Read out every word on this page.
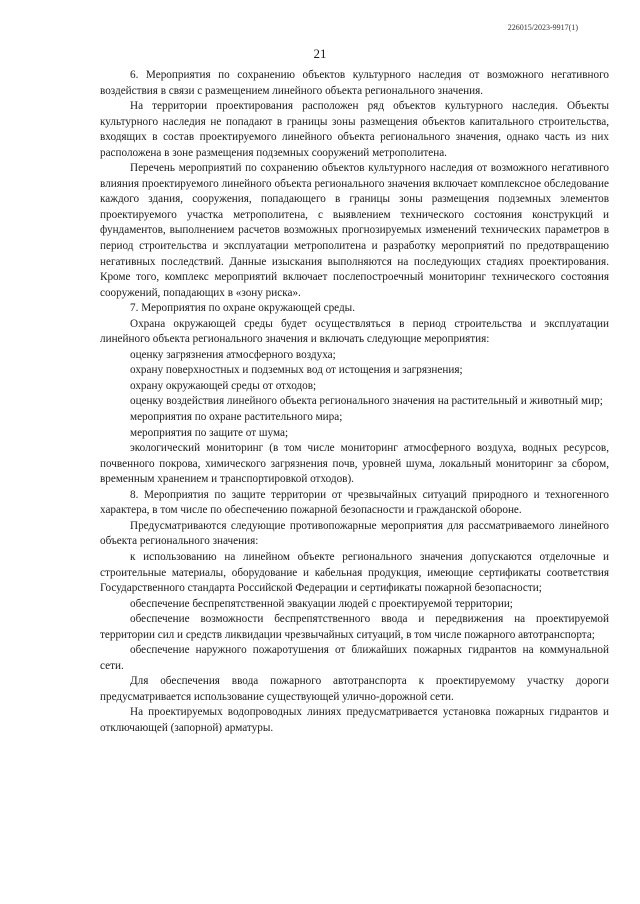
226015/2023-9917(1)
21

6. Мероприятия по сохранению объектов культурного наследия от возможного негативного воздействия в связи с размещением линейного объекта регионального значения.

На территории проектирования расположен ряд объектов культурного наследия. Объекты культурного наследия не попадают в границы зоны размещения объектов капитального строительства, входящих в состав проектируемого линейного объекта регионального значения, однако часть из них расположена в зоне размещения подземных сооружений метрополитена.

Перечень мероприятий по сохранению объектов культурного наследия от возможного негативного влияния проектируемого линейного объекта регионального значения включает комплексное обследование каждого здания, сооружения, попадающего в границы зоны размещения подземных элементов проектируемого участка метрополитена, с выявлением технического состояния конструкций и фундаментов, выполнением расчетов возможных прогнозируемых изменений технических параметров в период строительства и эксплуатации метрополитена и разработку мероприятий по предотвращению негативных последствий. Данные изыскания выполняются на последующих стадиях проектирования. Кроме того, комплекс мероприятий включает послепостроечный мониторинг технического состояния сооружений, попадающих в «зону риска».

7. Мероприятия по охране окружающей среды.

Охрана окружающей среды будет осуществляться в период строительства и эксплуатации линейного объекта регионального значения и включать следующие мероприятия:

оценку загрязнения атмосферного воздуха;

охрану поверхностных и подземных вод от истощения и загрязнения;

охрану окружающей среды от отходов;

оценку воздействия линейного объекта регионального значения на растительный и животный мир;

мероприятия по охране растительного мира;

мероприятия по защите от шума;

экологический мониторинг (в том числе мониторинг атмосферного воздуха, водных ресурсов, почвенного покрова, химического загрязнения почв, уровней шума, локальный мониторинг за сбором, временным хранением и транспортировкой отходов).

8. Мероприятия по защите территории от чрезвычайных ситуаций природного и техногенного характера, в том числе по обеспечению пожарной безопасности и гражданской обороне.

Предусматриваются следующие противопожарные мероприятия для рассматриваемого линейного объекта регионального значения:

к использованию на линейном объекте регионального значения допускаются отделочные и строительные материалы, оборудование и кабельная продукция, имеющие сертификаты соответствия Государственного стандарта Российской Федерации и сертификаты пожарной безопасности;

обеспечение беспрепятственной эвакуации людей с проектируемой территории;

обеспечение возможности беспрепятственного ввода и передвижения на проектируемой территории сил и средств ликвидации чрезвычайных ситуаций, в том числе пожарного автотранспорта;

обеспечение наружного пожаротушения от ближайших пожарных гидрантов на коммунальной сети.

Для обеспечения ввода пожарного автотранспорта к проектируемому участку дороги предусматривается использование существующей улично-дорожной сети.

На проектируемых водопроводных линиях предусматривается установка пожарных гидрантов и отключающей (запорной) арматуры.
